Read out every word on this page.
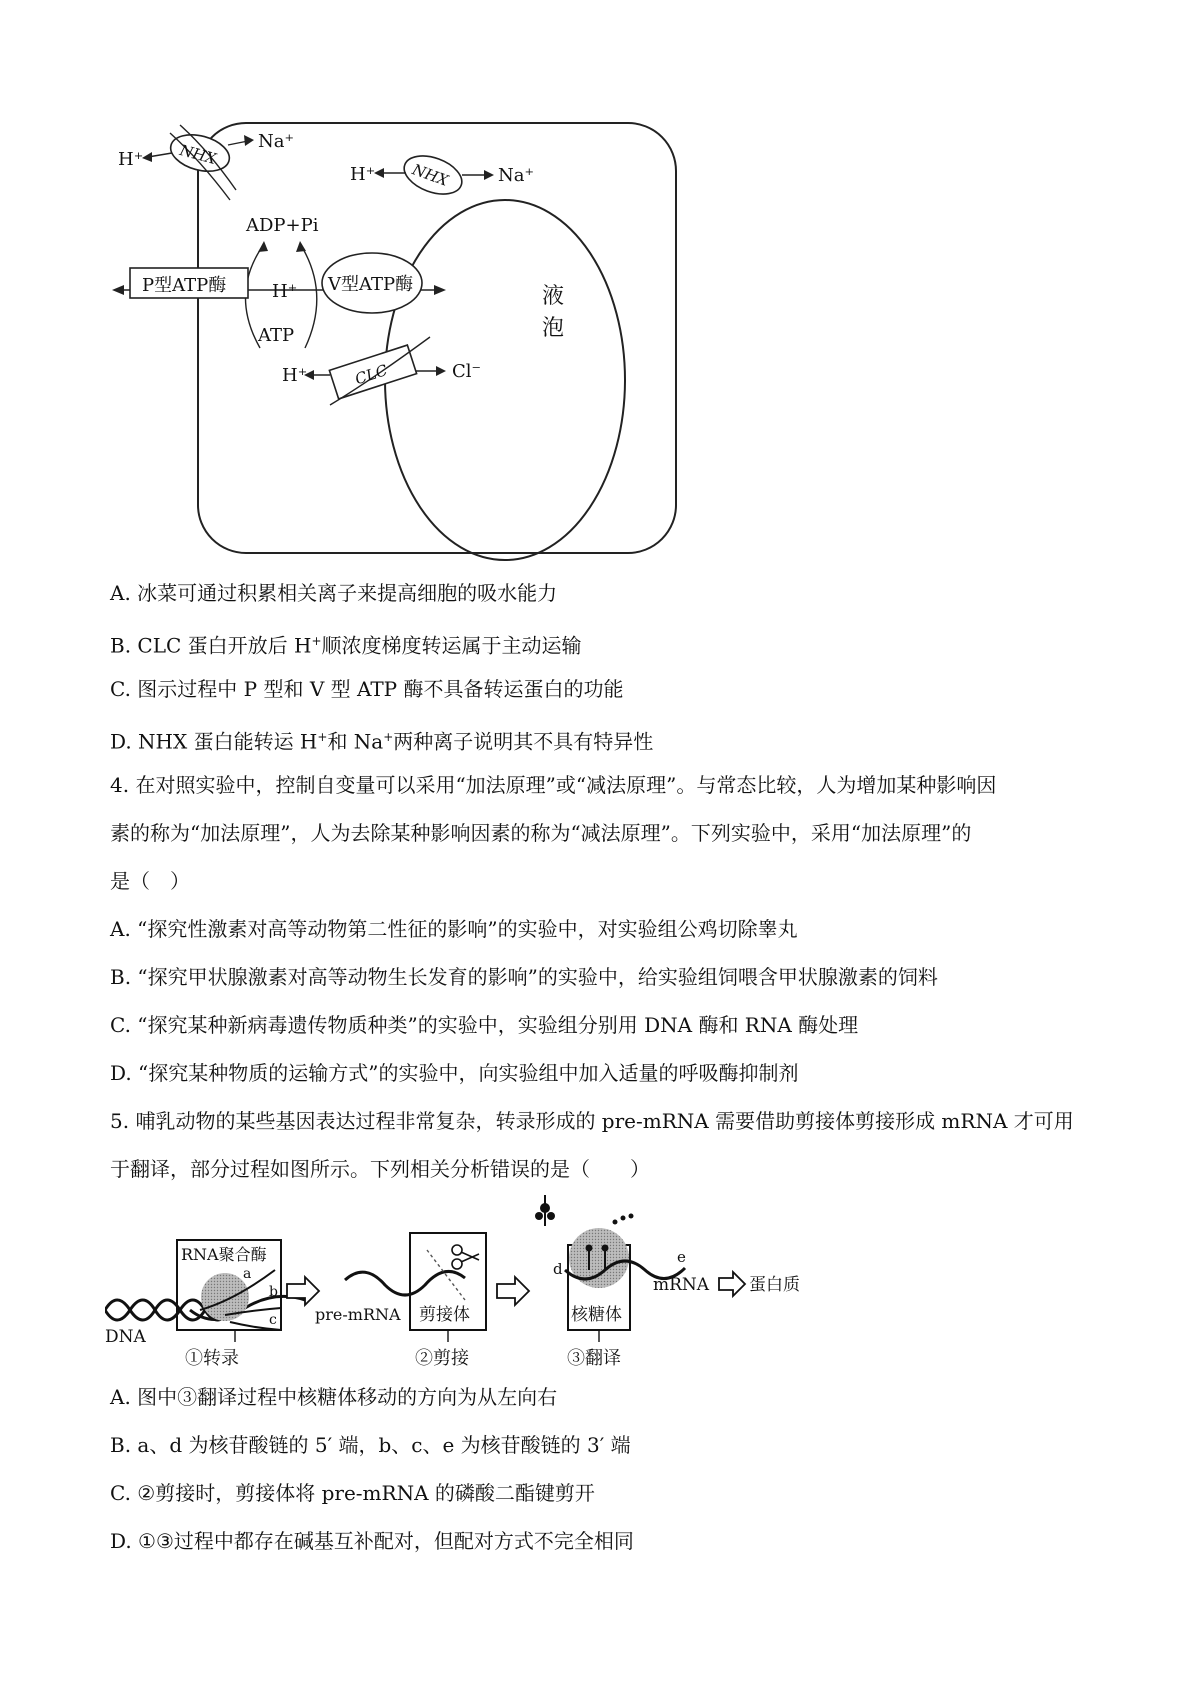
NHX
H⁺
Na⁺
NHX
H⁺	Na⁺
ADP+Pi
P型ATP酶	H⁺ V型ATP酶
ATP
CLC
H⁺	Cl⁻
液
泡
A. 冰菜可通过积累相关离子来提高细胞的吸水能力
B. CLC 蛋白开放后 H+顺浓度梯度转运属于主动运输
C. 图示过程中 P 型和 V 型 ATP 酶不具备转运蛋白的功能
D. NHX 蛋白能转运 H+和 Na+两种离子说明其不具有特异性
4. 在对照实验中，控制自变量可以采用“加法原理”或“减法原理”。与常态比较，人为增加某种影响因
素的称为“加法原理”，人为去除某种影响因素的称为“减法原理”。下列实验中，采用“加法原理”的
是（　）
A. “探究性激素对高等动物第二性征的影响”的实验中，对实验组公鸡切除睾丸
B. “探究甲状腺激素对高等动物生长发育的影响”的实验中，给实验组饲喂含甲状腺激素的饲料
C. “探究某种新病毒遗传物质种类”的实验中，实验组分别用 DNA 酶和 RNA 酶处理
D. “探究某种物质的运输方式”的实验中，向实验组中加入适量的呼吸酶抑制剂
5. 哺乳动物的某些基因表达过程非常复杂，转录形成的 pre-mRNA 需要借助剪接体剪接形成 mRNA 才可用
于翻译，部分过程如图所示。下列相关分析错误的是（　　）
DNA
RNA聚合酶
a
b
c
①转录
pre-mRNA 剪接体
②剪接
d
e
核糖体
③翻译
mRNA 蛋白质
A. 图中③翻译过程中核糖体移动的方向为从左向右
B. a、d 为核苷酸链的 5′ 端，b、c、e 为核苷酸链的 3′ 端
C. ②剪接时，剪接体将 pre-mRNA 的磷酸二酯键剪开
D. ①③过程中都存在碱基互补配对，但配对方式不完全相同
